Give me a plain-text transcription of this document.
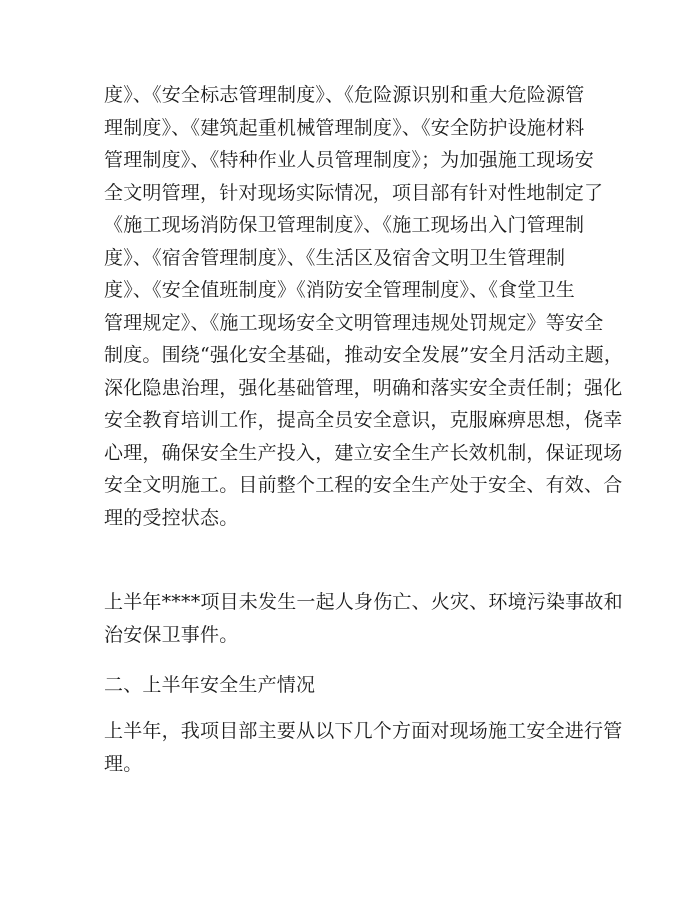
度》、《安全标志管理制度》、《危险源识别和重大危险源管
理制度》、《建筑起重机械管理制度》、《安全防护设施材料
管理制度》、《特种作业人员管理制度》；为加强施工现场安
全文明管理，针对现场实际情况，项目部有针对性地制定了
《施工现场消防保卫管理制度》、《施工现场出入门管理制
度》、《宿舍管理制度》、《生活区及宿舍文明卫生管理制
度》、《安全值班制度》《消防安全管理制度》、《食堂卫生
管理规定》、《施工现场安全文明管理违规处罚规定》等安全
制度。围绕“强化安全基础，推动安全发展”安全月活动主题，
深化隐患治理，强化基础管理，明确和落实安全责任制；强化
安全教育培训工作，提高全员安全意识，克服麻痹思想，侥幸
心理，确保安全生产投入，建立安全生产长效机制，保证现场
安全文明施工。目前整个工程的安全生产处于安全、有效、合
理的受控状态。
上半年****项目未发生一起人身伤亡、火灾、环境污染事故和
治安保卫事件。
二、上半年安全生产情况
上半年，我项目部主要从以下几个方面对现场施工安全进行管
理。
